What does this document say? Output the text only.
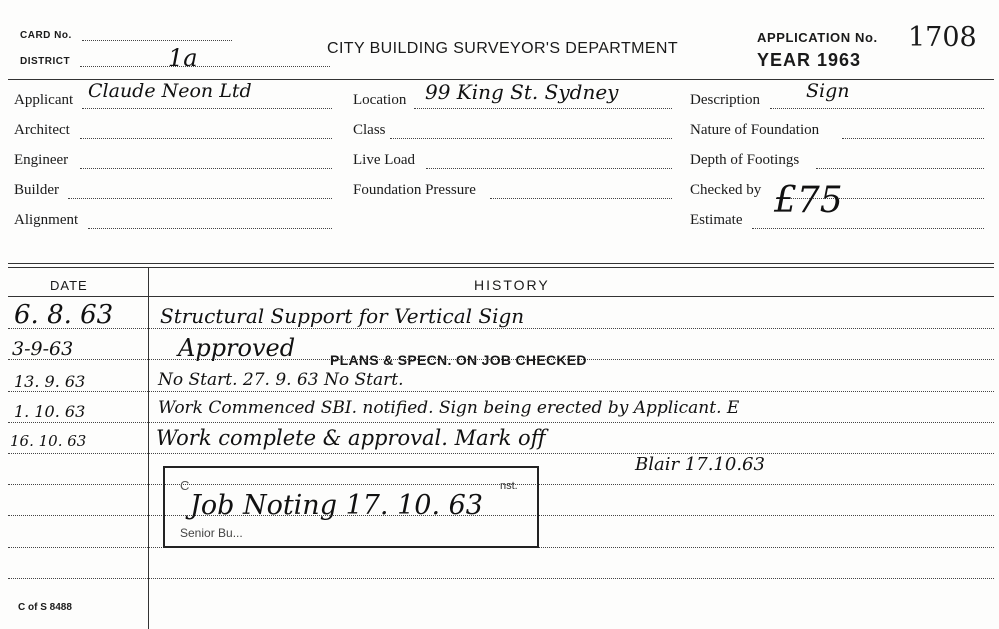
CARD No.
DISTRICT	1a	CITY BUILDING SURVEYOR'S DEPARTMENT
APPLICATION No. 1708
YEAR 1963
Applicant Claude Neon Ltd
Architect
Engineer
Builder
Alignment
Location 99 King St. Sydney
Class
Live Load
Foundation Pressure
Description Sign
Nature of Foundation
Depth of Footings
Checked by £75
Estimate
DATE	HISTORY
6. 8. 63 Structural Support for Vertical Sign
3-9-63	Approved PLANS & SPECN. ON JOB CHECKED
13. 9. 63	No Start. 27. 9. 63 No Start.
1. 10. 63	Work Commenced SBI. notified. Sign being erected by Applicant. E
16. 10. 63	Work complete & approval. Mark off
Blair 17.10.63
C	nst.
Job Noting 17. 10. 63
Senior Bu...
C of S 8488
